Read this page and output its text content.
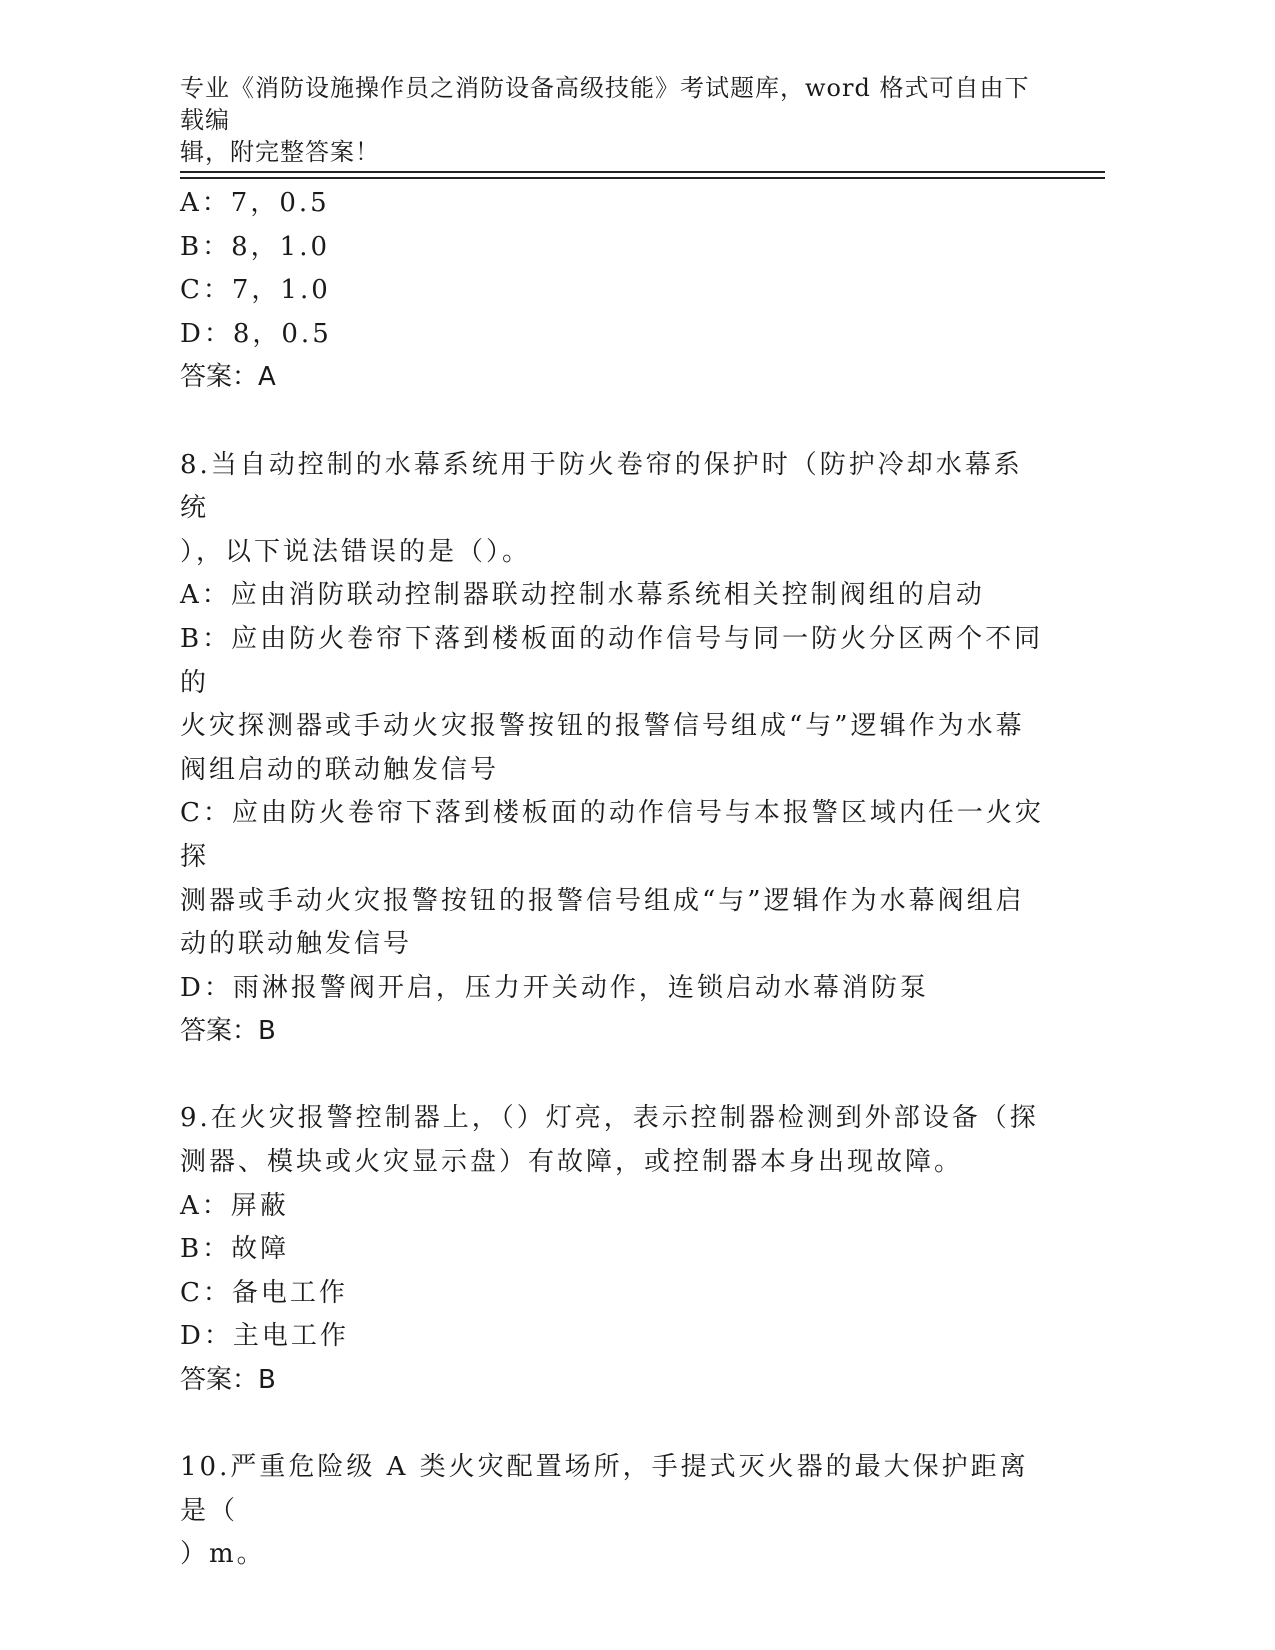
专业《消防设施操作员之消防设备高级技能》考试题库，word 格式可自由下载编
辑，附完整答案！
A：7，0.5
B：8，1.0
C：7，1.0
D：8，0.5
答案：A
8.当自动控制的水幕系统用于防火卷帘的保护时（防护冷却水幕系统
），以下说法错误的是（）。
A：应由消防联动控制器联动控制水幕系统相关控制阀组的启动
B：应由防火卷帘下落到楼板面的动作信号与同一防火分区两个不同的
火灾探测器或手动火灾报警按钮的报警信号组成“与”逻辑作为水幕
阀组启动的联动触发信号
C：应由防火卷帘下落到楼板面的动作信号与本报警区域内任一火灾探
测器或手动火灾报警按钮的报警信号组成“与”逻辑作为水幕阀组启
动的联动触发信号
D：雨淋报警阀开启，压力开关动作，连锁启动水幕消防泵
答案：B
9.在火灾报警控制器上，（）灯亮，表示控制器检测到外部设备（探
测器、模块或火灾显示盘）有故障，或控制器本身出现故障。
A：屏蔽
B：故障
C：备电工作
D：主电工作
答案：B
10.严重危险级 A 类火灾配置场所，手提式灭火器的最大保护距离是（
）m。
